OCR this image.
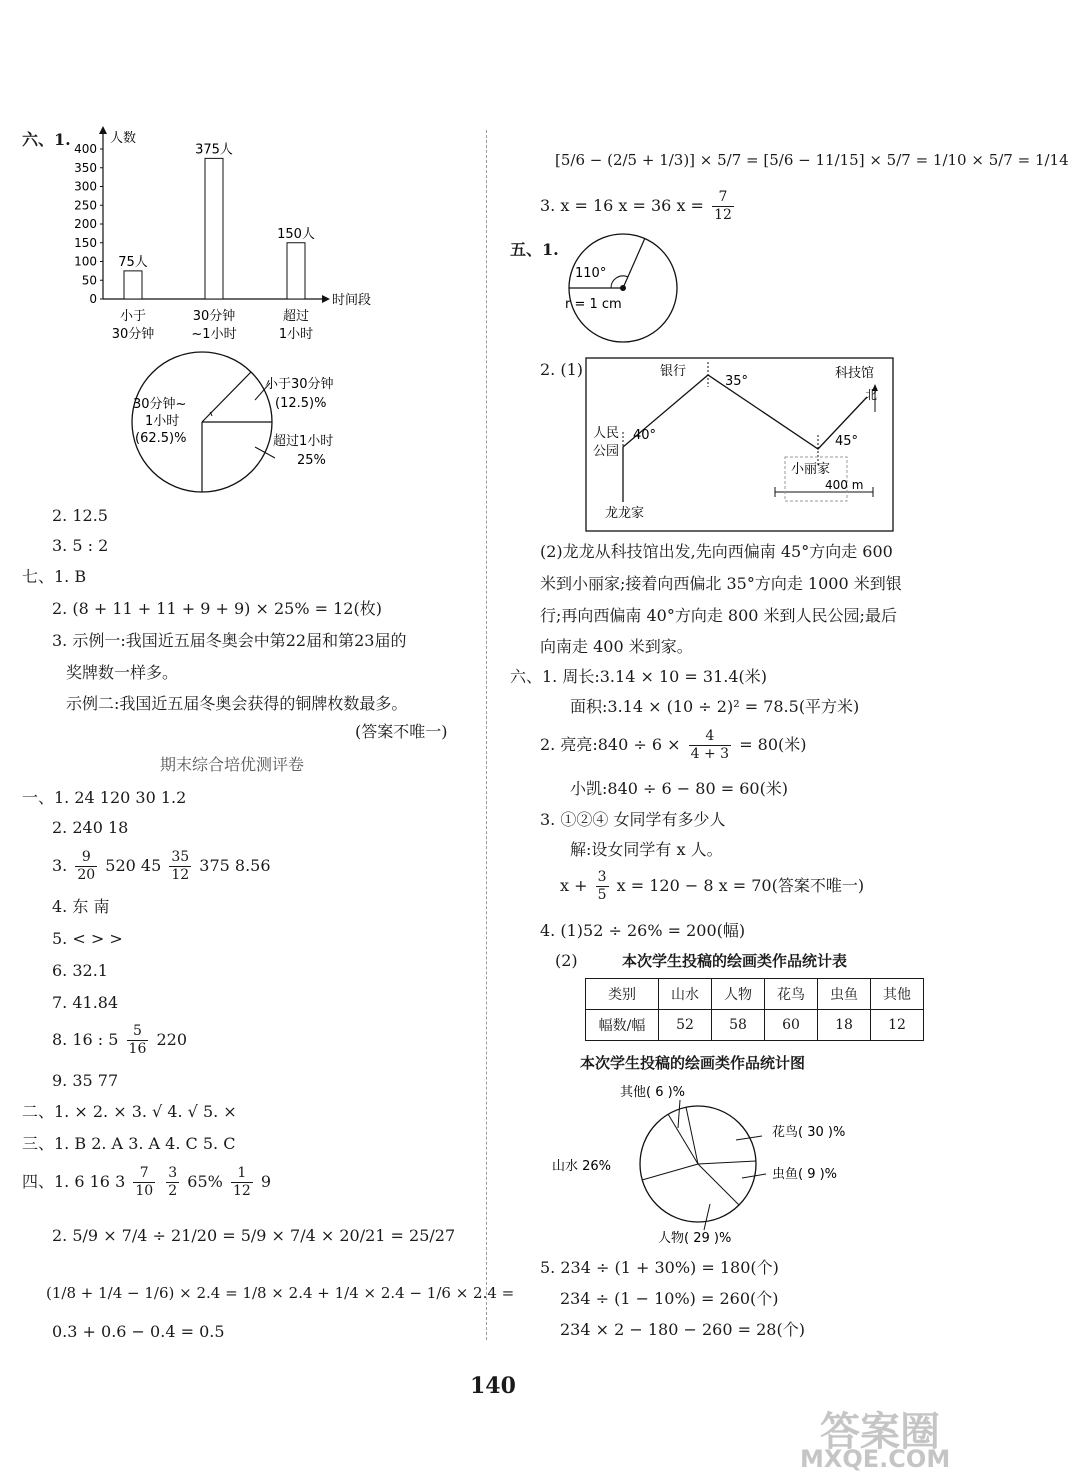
六、1.	人数
时间段
400
350
300
250
200
150
100
50
0
75人
小于
30分钟
375人
30分钟
~1小时
150人
超过
1小时
30分钟~
1小时
(62.5)%
小于30分钟
(12.5)%
超过1小时
25%
2. 12.5
3. 5 : 2
七、1. B
2. (8 + 11 + 11 + 9 + 9) × 25% = 12(枚)
3. 示例一:我国近五届冬奥会中第22届和第23届的
奖牌数一样多。
示例二:我国近五届冬奥会获得的铜牌枚数最多。
(答案不唯一)
期末综合培优测评卷
一、1. 24 120 30 1.2
2. 240 18
3. $\frac{9}{20} 520$ $45 \frac{35}{12} 375$ 8.56
4. 东 南
5. < > >
6. 32.1
7. 41.84
8. 16 : $5 \frac{5}{16} 220$
9. 35 77
二、1. × 2. × 3. √ 4. √ 5. ×
三、1. B 2. A 3. A 4. C 5. C
四、1. 6 16 $3 \frac{7}{10}$
$\frac{3}{2} 65\% \frac{1}{12} 9$
2. 5/9 × 7/4 ÷ 21/20 = 5/9 × 7/4 × 20/21 = 25/27
(1/8 + 1/4 − 1/6) × 2.4 = 1/8 × 2.4 + 1/4 × 2.4 − 1/6 × 2.4 =
0.3 + 0.6 − 0.4 = 0.5
[5/6 − (2/5 + 1/3)] × 5/7 = [5/6 − 11/15] × 5/7 = 1/10 × 5/7 = 1/14
3. x = 16 x = 36 $x = \frac{7}{12}$
五、1.
110°
r = 1 cm
2. (1)	银行
35°
科技馆
北
人民
公园
40°	45°
小丽家
400 m
龙龙家
(2)龙龙从科技馆出发,先向西偏南 45°方向走 600
米到小丽家;接着向西偏北 35°方向走 1000 米到银
行;再向西偏南 40°方向走 800 米到人民公园;最后
向南走 400 米到家。
六、1. 周长:3.14 × 10 = 31.4(米)
面积:3.14 × (10 ÷ 2)² = 78.5(平方米)
2. 亮亮:840 ÷ $6 \times \frac{4}{4 + 3} = 80$(米)
小凯:840 ÷ 6 − 80 = 60(米)
3. ①②④ 女同学有多少人
解:设女同学有 x 人。
$x + \frac{3}{5}$ x = 120 − 8 x = 70(答案不唯一)
4. (1)52 ÷ 26% = 200(幅)
(2)	本次学生投稿的绘画类作品统计表
类别	山水	人物	花鸟	虫鱼	其他
幅数/幅	52	58	60	18	12
本次学生投稿的绘画类作品统计图
其他( 6 )%
花鸟( 30 )%
山水 26%
虫鱼( 9 )%
人物( 29 )%
5. 234 ÷ (1 + 30%) = 180(个)
234 ÷ (1 − 10%) = 260(个)
234 × 2 − 180 − 260 = 28(个)
140
答案圈
MXQE.COM
